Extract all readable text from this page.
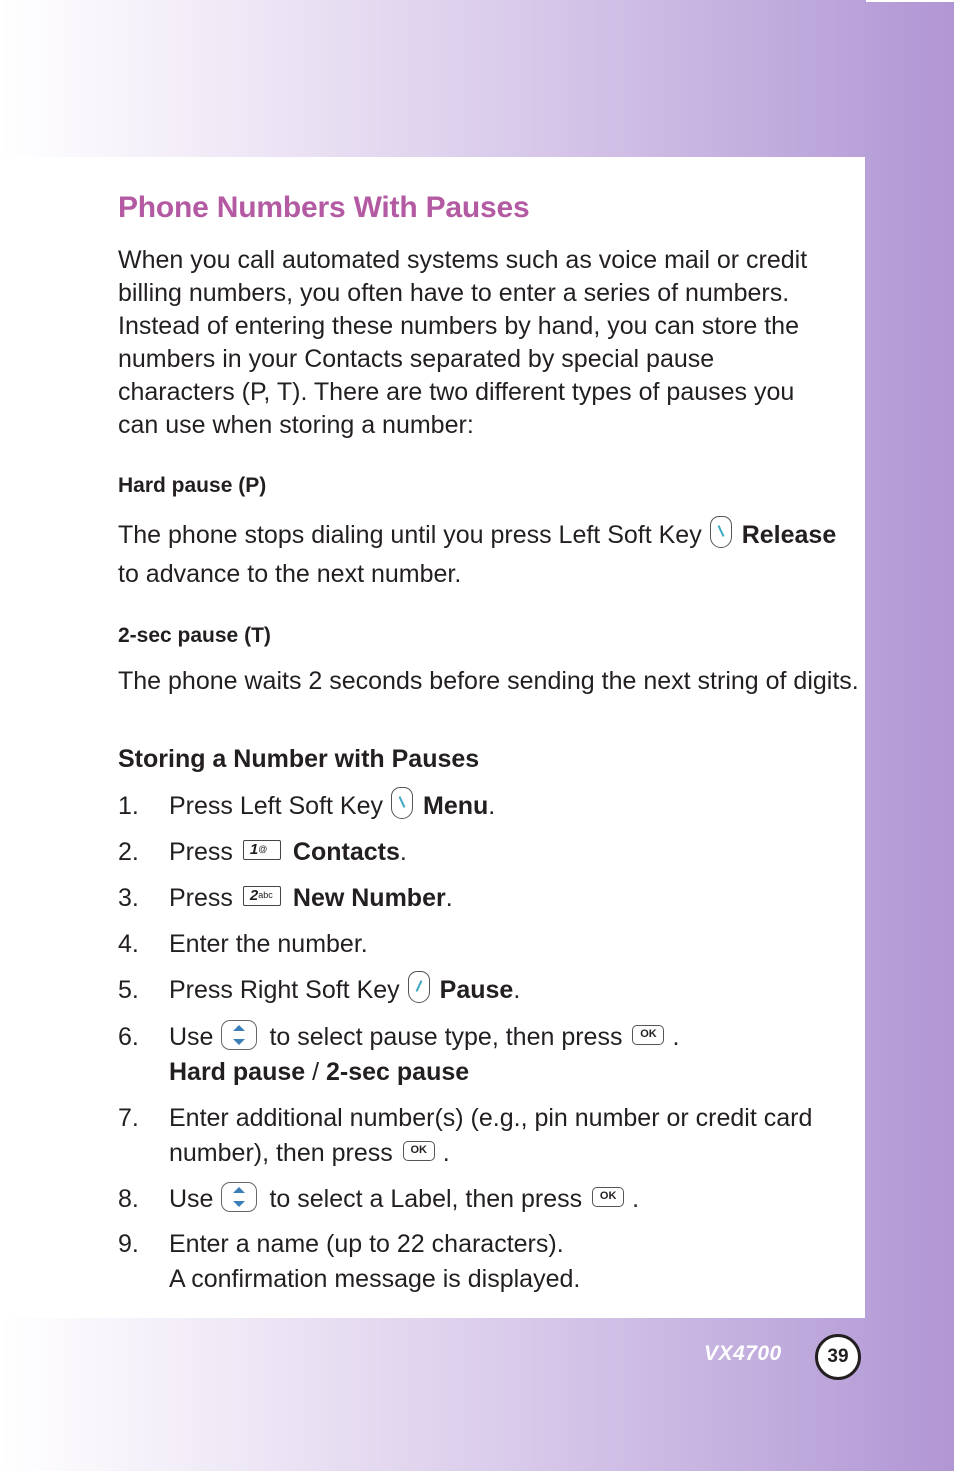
Phone Numbers With Pauses

When you call automated systems such as voice mail or credit billing numbers, you often have to enter a series of numbers. Instead of entering these numbers by hand, you can store the numbers in your Contacts separated by special pause characters (P, T). There are two different types of pauses you can use when storing a number:

Hard pause (P)
The phone stops dialing until you press Left Soft Key Release
to advance to the next number.
2-sec pause (T)
The phone waits 2 seconds before sending the next string of digits.
Storing a Number with Pauses
1.	Press Left Soft Key Menu.
2.	Press 1@ Contacts.
3.	Press $2^{abc}$ New Number.
4.	Enter the number.
5.	Press Right Soft Key Pause.
6.	Use to select pause type, then press OK .
Hard pause / 2-sec pause
7.	Enter additional number(s) (e.g., pin number or credit card
number), then press OK .
8.	Use to select a Label, then press OK .
9.	Enter a name (up to 22 characters).
A confirmation message is displayed.
VX4700	39
